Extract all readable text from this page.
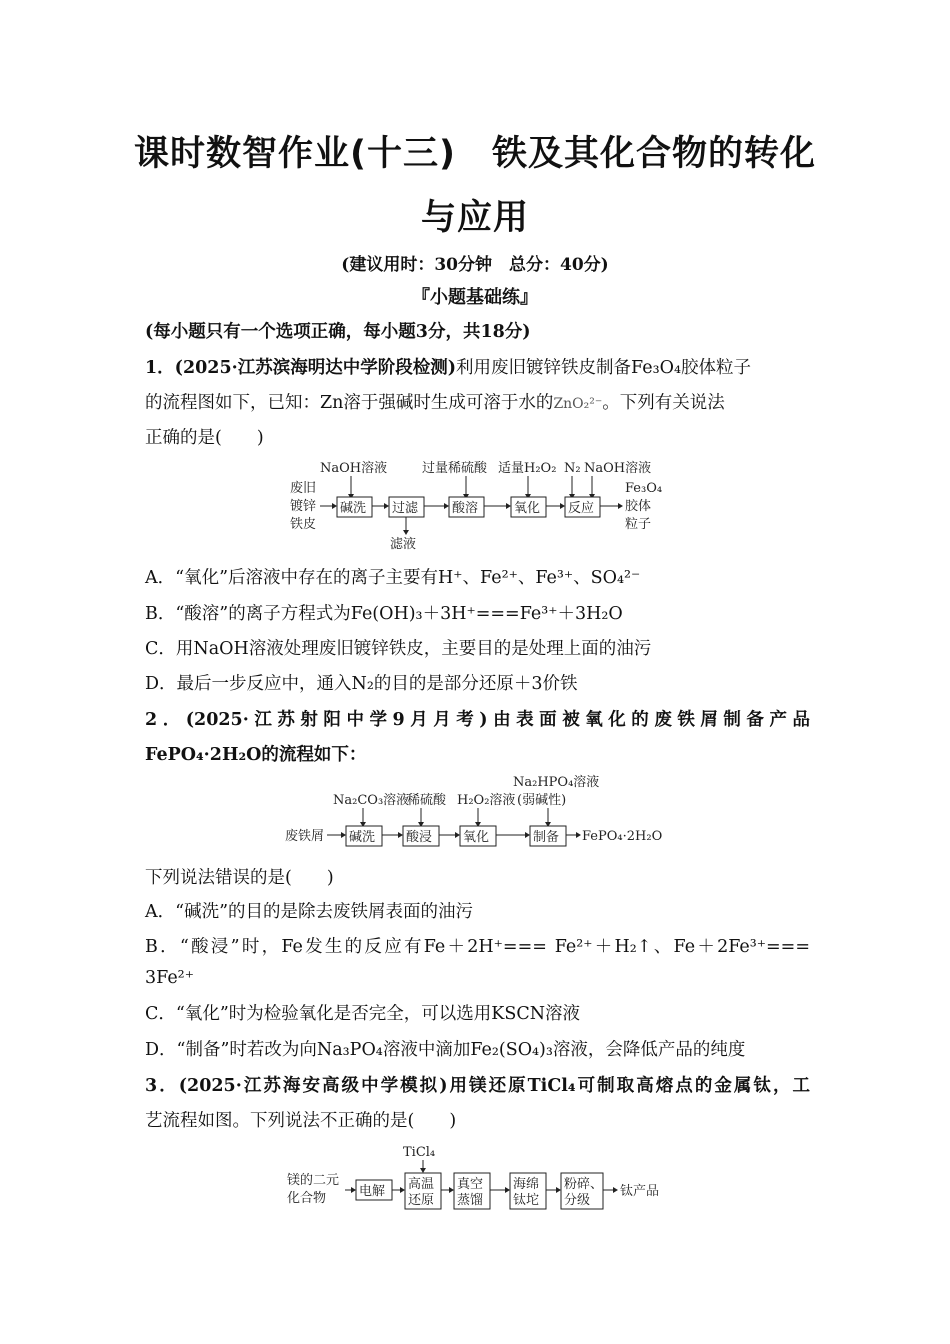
课时数智作业(十三)　铁及其化合物的转化
与应用
(建议用时：30分钟　总分：40分)
『小题基础练』
(每小题只有一个选项正确，每小题3分，共18分)
1．(2025·江苏滨海明达中学阶段检测)利用废旧镀锌铁皮制备Fe₃O₄胶体粒子
的流程图如下，已知：Zn溶于强碱时生成可溶于水的ZnO₂²⁻。下列有关说法
正确的是(　　)
废旧
镀锌
铁皮
NaOH溶液
碱洗 过滤
滤液
过量稀硫酸
酸溶
适量H₂O₂
氧化
N₂ NaOH溶液
反应
Fe₃O₄
胶体
粒子
A．“氧化”后溶液中存在的离子主要有H⁺、Fe²⁺、Fe³⁺、SO₄²⁻
B．“酸溶”的离子方程式为Fe(OH)₃＋3H⁺===Fe³⁺＋3H₂O
C．用NaOH溶液处理废旧镀锌铁皮，主要目的是处理上面的油污
D．最后一步反应中，通入N₂的目的是部分还原＋3价铁
2．(2025·江苏射阳中学9月月考)由表面被氧化的废铁屑制备产品
FePO₄·2H₂O的流程如下：
废铁屑
Na₂CO₃溶液
碱洗
稀硫酸
酸浸
H₂O₂溶液
氧化
Na₂HPO₄溶液
(弱碱性)
制备 FePO₄·2H₂O
下列说法错误的是(　　)
A．“碱洗”的目的是除去废铁屑表面的油污
B．“酸浸”时，Fe发生的反应有Fe＋2H⁺=== Fe²⁺＋H₂↑、Fe＋2Fe³⁺===
3Fe²⁺
C．“氧化”时为检验氧化是否完全，可以选用KSCN溶液
D．“制备”时若改为向Na₃PO₄溶液中滴加Fe₂(SO₄)₃溶液，会降低产品的纯度
3．(2025·江苏海安高级中学模拟)用镁还原TiCl₄可制取高熔点的金属钛，工
艺流程如图。下列说法不正确的是(　　)
镁的二元
化合物	电解
TiCl₄
高温
还原
真空
蒸馏
海绵
钛坨
粉碎、
分级
钛产品
